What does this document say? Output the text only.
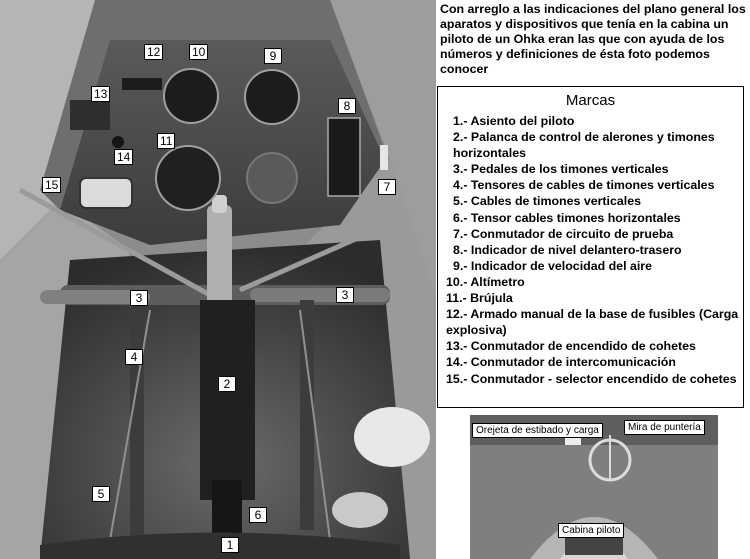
1
2
3	3
4
5
6
7
8
9
10
11
12
13
14
15
Con arreglo a las indicaciones del plano general los aparatos y dispositivos que tenía en la cabina un piloto de un Ohka eran las que con ayuda de los números y definiciones de ésta foto podemos conocer
Marcas
1.- Asiento del piloto
2.- Palanca de control de alerones y timones horizontales
3.- Pedales de los timones verticales
4.- Tensores de cables de timones verticales
5.- Cables de timones verticales
6.- Tensor cables timones horizontales
7.- Conmutador de circuito de prueba
8.- Indicador de nivel delantero-trasero
9.- Indicador de velocidad del aire
10.- Altímetro
11.- Brújula
12.- Armado manual de la base de fusibles (Carga explosiva)
13.- Conmutador de encendido de cohetes
14.- Conmutador de intercomunicación
15.- Conmutador - selector encendido de cohetes
Orejeta de estibado y carga	Mira de puntería
Cabina piloto
